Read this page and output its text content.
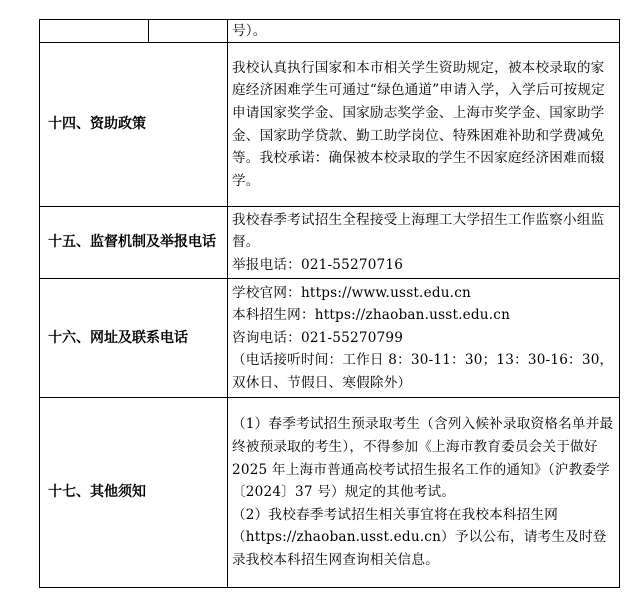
	号）。

十四、资助政策	我校认真执行国家和本市相关学生资助规定，被本校录取的家庭经济困难学生可通过“绿色通道”申请入学，入学后可按规定申请国家奖学金、国家励志奖学金、上海市奖学金、国家助学金、国家助学贷款、勤工助学岗位、特殊困难补助和学费减免等。我校承诺：确保被本校录取的学生不因家庭经济困难而辍学。

十五、监督机制及举报电话	我校春季考试招生全程接受上海理工大学招生工作监察小组监督。
举报电话：021-55270716

十六、网址及联系电话	学校官网：https://www.usst.edu.cn
本科招生网：https://zhaoban.usst.edu.cn
咨询电话：021-55270799
（电话接听时间：工作日 8：30-11：30；13：30-16：30，双休日、节假日、寒假除外）

十七、其他须知	（1）春季考试招生预录取考生（含列入候补录取资格名单并最终被预录取的考生），不得参加《上海市教育委员会关于做好 2025 年上海市普通高校考试招生报名工作的通知》（沪教委学〔2024〕37 号）规定的其他考试。
（2）我校春季考试招生相关事宜将在我校本科招生网（https://zhaoban.usst.edu.cn）予以公布，请考生及时登录我校本科招生网查询相关信息。
